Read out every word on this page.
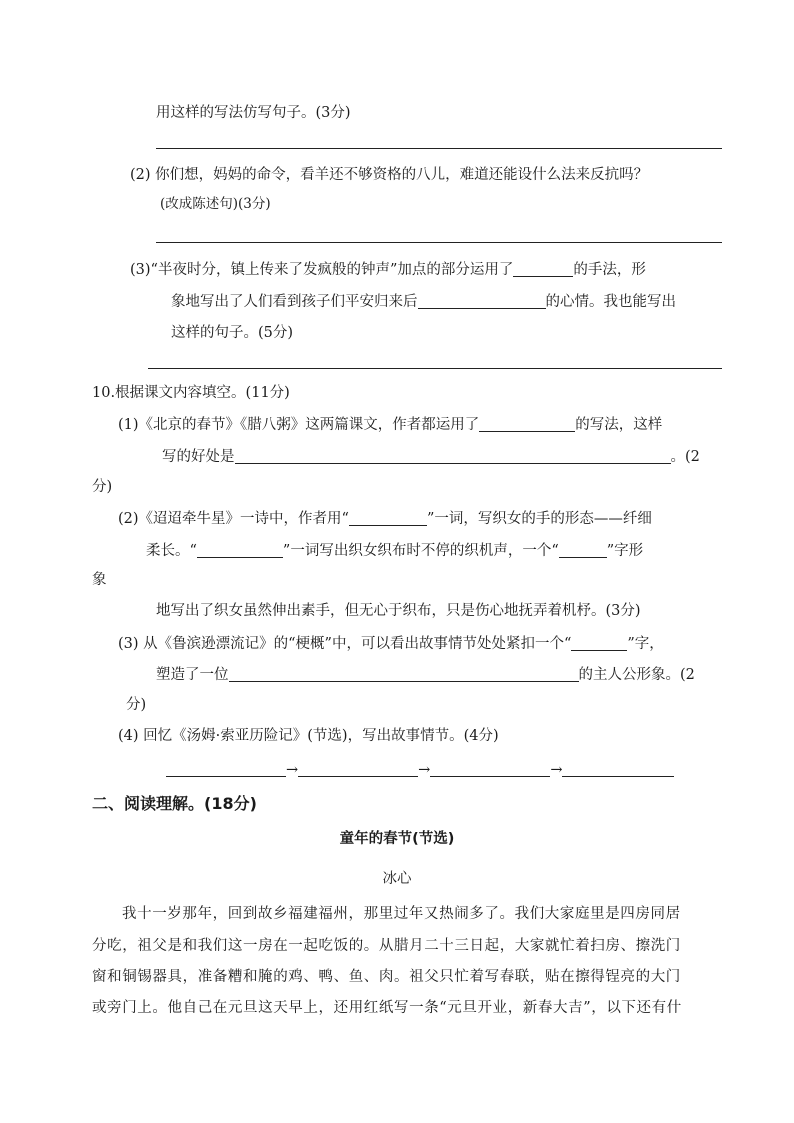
用这样的写法仿写句子。(3分)
(2) 你们想，妈妈的命令，看羊还不够资格的八儿，难道还能设什么法来反抗吗？
(改成陈述句)(3分)
(3)“半夜时分，镇上传来了发疯般的钟声”加点的部分运用了	的手法，形
象地写出了人们看到孩子们平安归来后	的心情。我也能写出
这样的句子。(5分)
10.根据课文内容填空。(11分)
(1)《北京的春节》《腊八粥》这两篇课文，作者都运用了	的写法，这样
写的好处是	。(2
分)
(2)《迢迢牵牛星》一诗中，作者用“	”一词，写织女的手的形态——纤细
柔长。“	”一词写出织女织布时不停的织机声，一个“	”字形
象
地写出了织女虽然伸出素手，但无心于织布，只是伤心地抚弄着机杼。(3分)
(3) 从《鲁滨逊漂流记》的“梗概”中，可以看出故事情节处处紧扣一个“	”字，
塑造了一位	的主人公形象。(2
分)
(4) 回忆《汤姆·索亚历险记》(节选)，写出故事情节。(4分)
→	→	→
二、阅读理解。(18分)
童年的春节(节选)
冰心
我十一岁那年，回到故乡福建福州，那里过年又热闹多了。我们大家庭里是四房同居
分吃，祖父是和我们这一房在一起吃饭的。从腊月二十三日起，大家就忙着扫房、擦洗门
窗和铜锡器具，准备糟和腌的鸡、鸭、鱼、肉。祖父只忙着写春联，贴在擦得锃亮的大门
或旁门上。他自己在元旦这天早上，还用红纸写一条“元旦开业，新春大吉”，以下还有什
